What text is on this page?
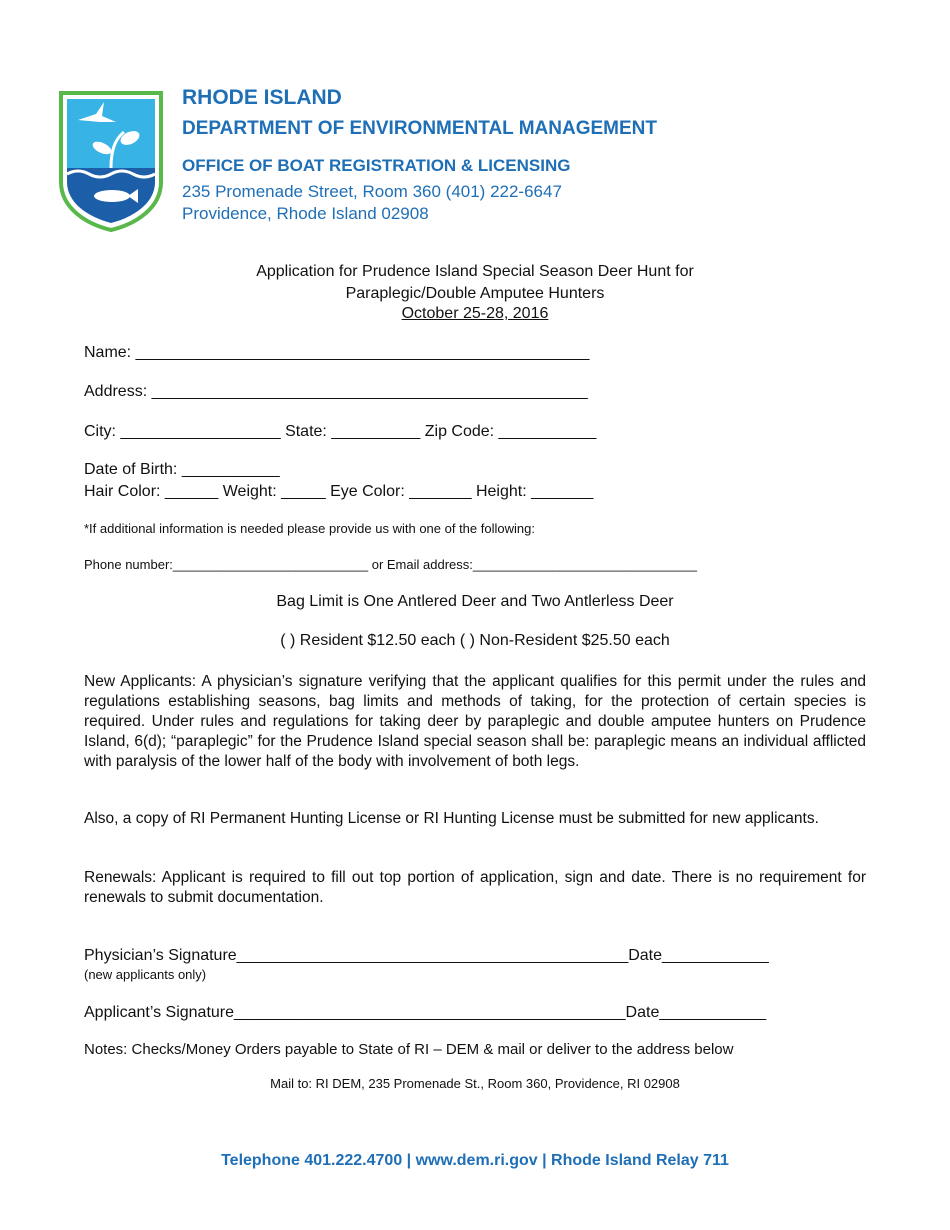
RHODE ISLAND
DEPARTMENT OF ENVIRONMENTAL MANAGEMENT
OFFICE OF BOAT REGISTRATION & LICENSING
235 Promenade Street, Room 360 (401) 222-6647
Providence, Rhode Island 02908
Application for Prudence Island Special Season Deer Hunt for
Paraplegic/Double Amputee Hunters
October 25-28, 2016
Name: ___________________________________________________
Address: _________________________________________________
City: __________________ State: __________ Zip Code: ___________
Date of Birth: ___________
Hair Color: ______ Weight: _____ Eye Color: _______ Height: _______
*If additional information is needed please provide us with one of the following:
Phone number:___________________________ or Email address:_______________________________
Bag Limit is One Antlered Deer and Two Antlerless Deer
( ) Resident $12.50 each ( ) Non-Resident $25.50 each
New Applicants: A physician’s signature verifying that the applicant qualifies for this permit under the rules and regulations establishing seasons, bag limits and methods of taking, for the protection of certain species is required. Under rules and regulations for taking deer by paraplegic and double amputee hunters on Prudence Island, 6(d); “paraplegic” for the Prudence Island special season shall be: paraplegic means an individual afflicted with paralysis of the lower half of the body with involvement of both legs.
Also, a copy of RI Permanent Hunting License or RI Hunting License must be submitted for new applicants.
Renewals: Applicant is required to fill out top portion of application, sign and date. There is no requirement for renewals to submit documentation.
Physician’s Signature____________________________________________Date____________
(new applicants only)
Applicant’s Signature____________________________________________Date____________
Notes: Checks/Money Orders payable to State of RI – DEM & mail or deliver to the address below
Mail to: RI DEM, 235 Promenade St., Room 360, Providence, RI 02908
Telephone 401.222.4700 | www.dem.ri.gov | Rhode Island Relay 711
